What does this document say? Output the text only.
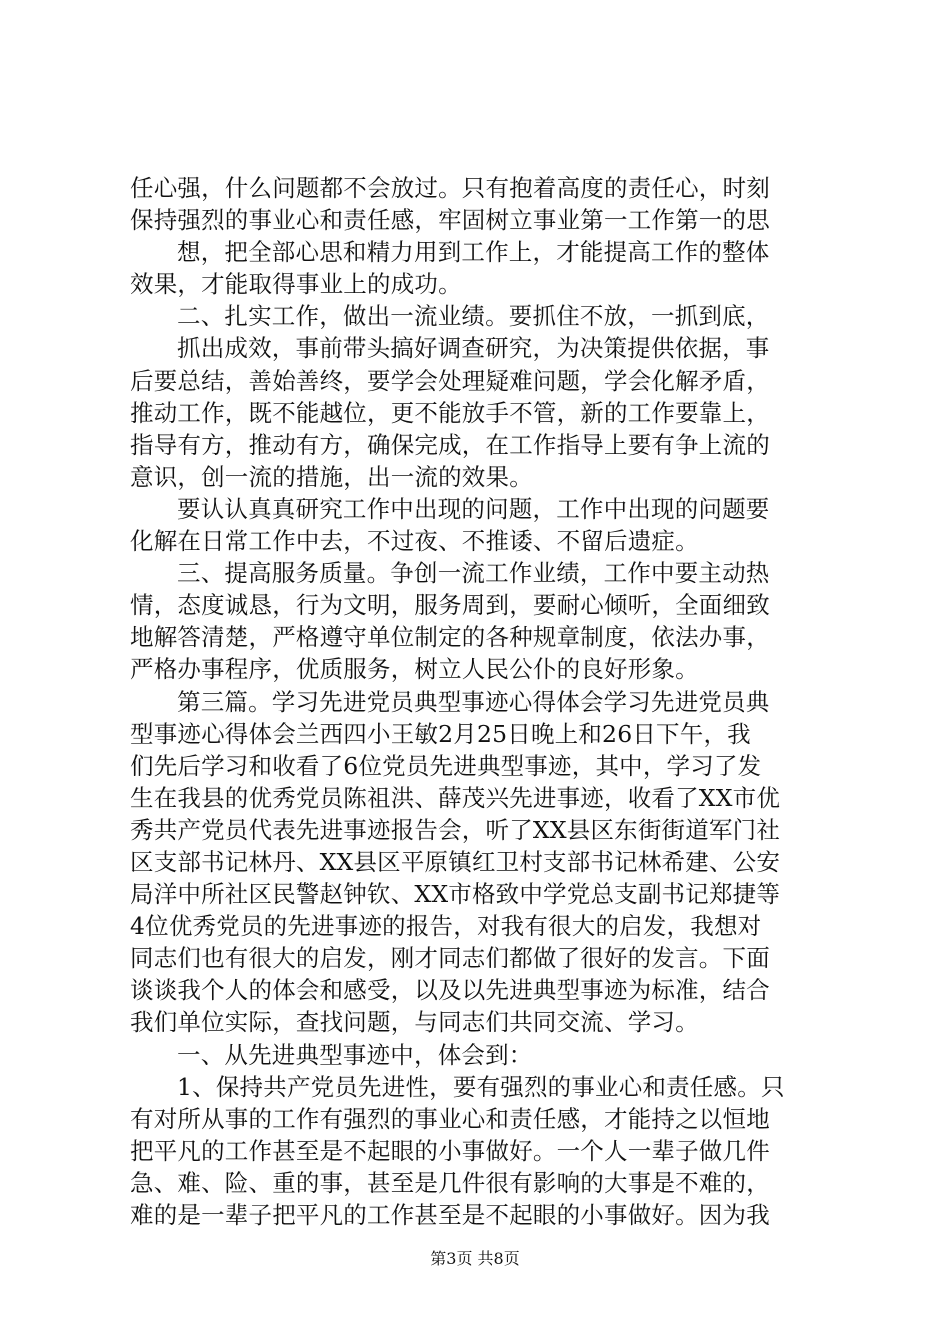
任心强，什么问题都不会放过。只有抱着高度的责任心，时刻
保持强烈的事业心和责任感，牢固树立事业第一工作第一的思
想，把全部心思和精力用到工作上，才能提高工作的整体
效果，才能取得事业上的成功。
二、扎实工作，做出一流业绩。要抓住不放，一抓到底，
抓出成效，事前带头搞好调查研究，为决策提供依据，事
后要总结，善始善终，要学会处理疑难问题，学会化解矛盾，
推动工作，既不能越位，更不能放手不管，新的工作要靠上，
指导有方，推动有方，确保完成，在工作指导上要有争上流的
意识，创一流的措施，出一流的效果。
要认认真真研究工作中出现的问题，工作中出现的问题要
化解在日常工作中去，不过夜、不推诿、不留后遗症。
三、提高服务质量。争创一流工作业绩，工作中要主动热
情，态度诚恳，行为文明，服务周到，要耐心倾听，全面细致
地解答清楚，严格遵守单位制定的各种规章制度，依法办事，
严格办事程序，优质服务，树立人民公仆的良好形象。
第三篇。学习先进党员典型事迹心得体会学习先进党员典
型事迹心得体会兰西四小王敏2月25日晚上和26日下午，我
们先后学习和收看了6位党员先进典型事迹，其中，学习了发
生在我县的优秀党员陈祖洪、薛茂兴先进事迹，收看了XX市优
秀共产党员代表先进事迹报告会，听了XX县区东街街道军门社
区支部书记林丹、XX县区平原镇红卫村支部书记林希建、公安
局洋中所社区民警赵钟钦、XX市格致中学党总支副书记郑捷等
4位优秀党员的先进事迹的报告，对我有很大的启发，我想对
同志们也有很大的启发，刚才同志们都做了很好的发言。下面
谈谈我个人的体会和感受，以及以先进典型事迹为标准，结合
我们单位实际，查找问题，与同志们共同交流、学习。
一、从先进典型事迹中，体会到：
1、保持共产党员先进性，要有强烈的事业心和责任感。只
有对所从事的工作有强烈的事业心和责任感，才能持之以恒地
把平凡的工作甚至是不起眼的小事做好。一个人一辈子做几件
急、难、险、重的事，甚至是几件很有影响的大事是不难的，
难的是一辈子把平凡的工作甚至是不起眼的小事做好。因为我
第3页 共8页
